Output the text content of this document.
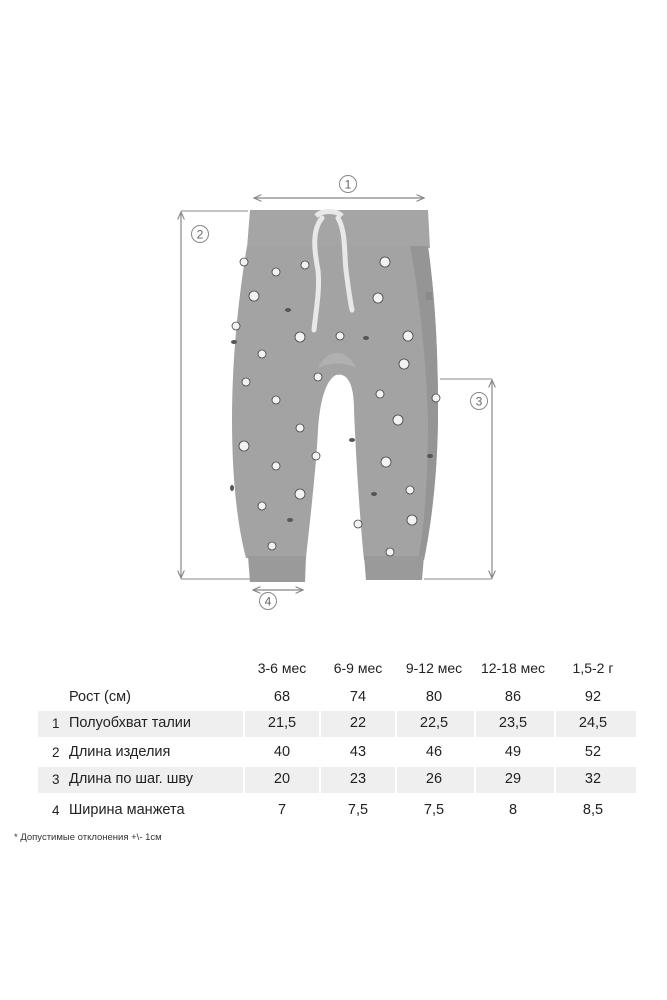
1
2
3
4
3-6 мес	6-9 мес	9-12 мес	12-18 мес	1,5-2 г
Рост (см)	68	74	80	86	92
1 Полуобхват талии	21,5	22	22,5	23,5	24,5
2 Длина изделия	40	43	46	49	52
3 Длина по шаг. шву	20	23	26	29	32
4 Ширина манжета	7	7,5	7,5	8	8,5
* Допустимые отклонения +\- 1см
